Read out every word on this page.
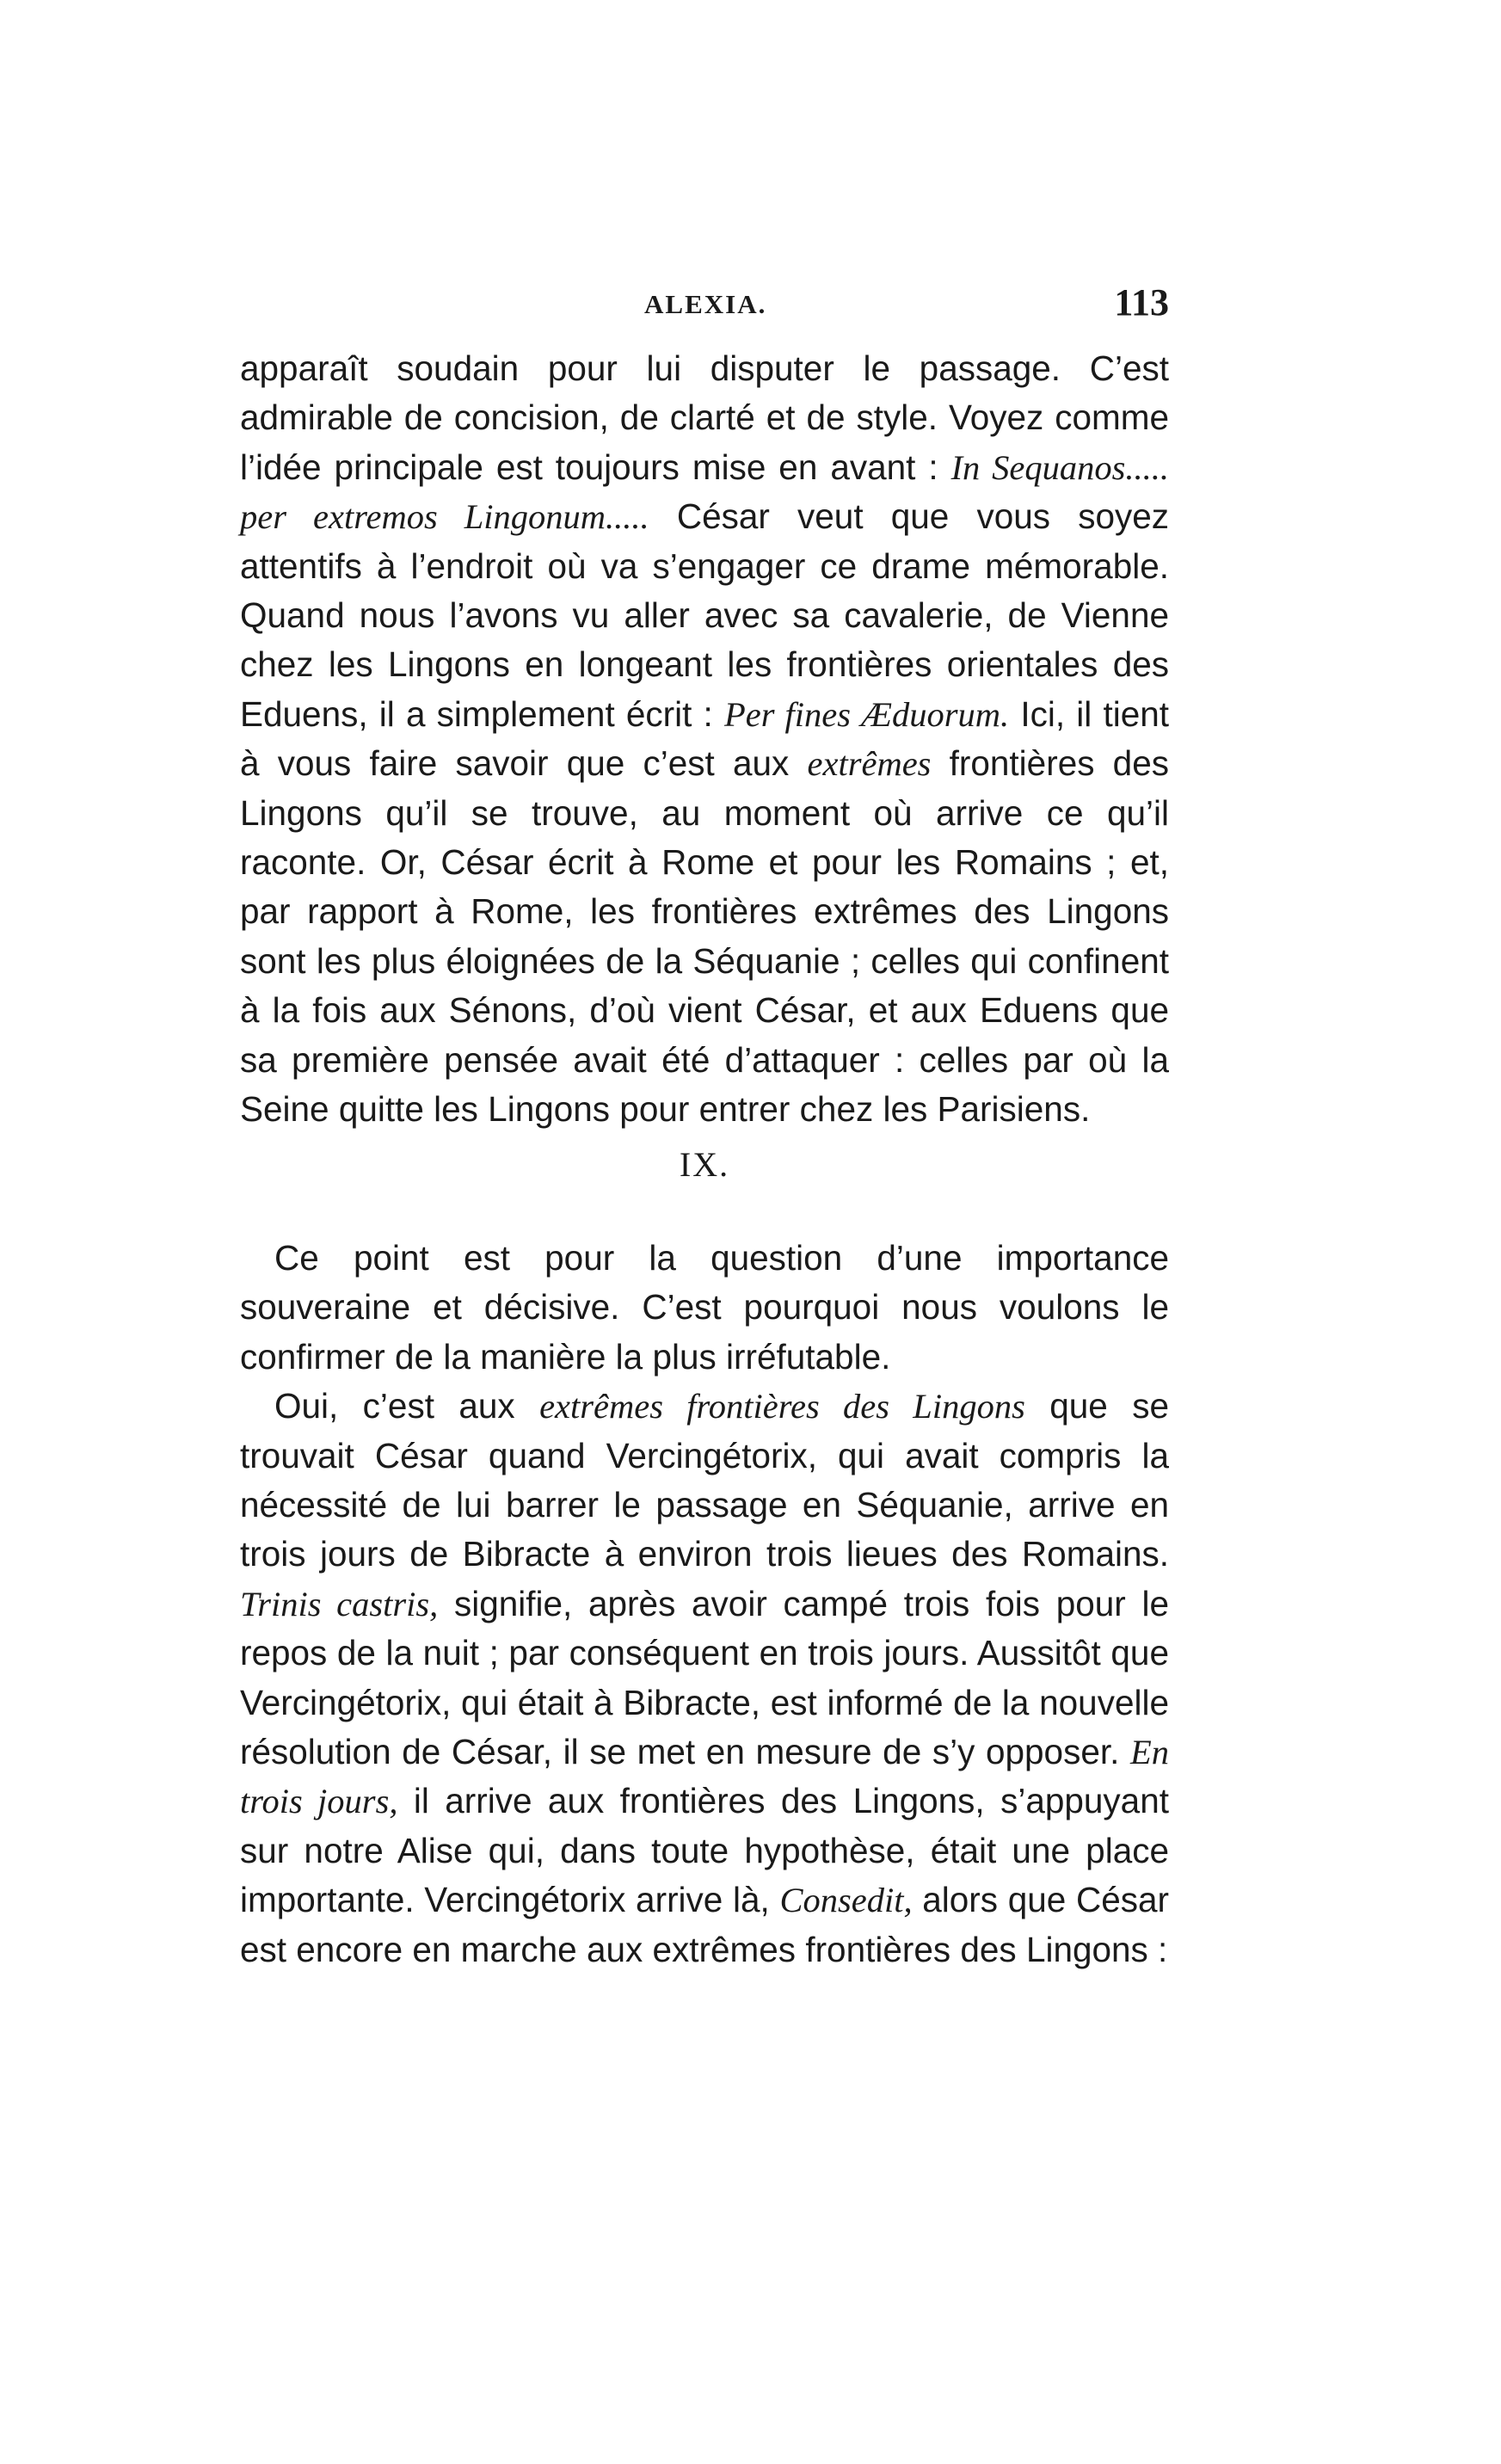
ALEXIA.	113

apparaît soudain pour lui disputer le passage. C’est admirable de concision, de clarté et de style. Voyez comme l’idée principale est toujours mise en avant : In Sequanos..... per extremos Lingonum..... César veut que vous soyez attentifs à l’endroit où va s’engager ce drame mémorable. Quand nous l’avons vu aller avec sa cavalerie, de Vienne chez les Lingons en longeant les frontières orientales des Eduens, il a simplement écrit : Per fines Æduorum. Ici, il tient à vous faire savoir que c’est aux extrêmes frontières des Lingons qu’il se trouve, au moment où arrive ce qu’il raconte. Or, César écrit à Rome et pour les Romains ; et, par rapport à Rome, les frontières extrêmes des Lingons sont les plus éloignées de la Séquanie ; celles qui confinent à la fois aux Sénons, d’où vient César, et aux Eduens que sa première pensée avait été d’attaquer : celles par où la Seine quitte les Lingons pour entrer chez les Parisiens.

IX.

Ce point est pour la question d’une importance souveraine et décisive. C’est pourquoi nous voulons le confirmer de la manière la plus irréfutable.

Oui, c’est aux extrêmes frontières des Lingons que se trouvait César quand Vercingétorix, qui avait compris la nécessité de lui barrer le passage en Séquanie, arrive en trois jours de Bibracte à environ trois lieues des Romains. Trinis castris, signifie, après avoir campé trois fois pour le repos de la nuit ; par conséquent en trois jours. Aussitôt que Vercingétorix, qui était à Bibracte, est informé de la nouvelle résolution de César, il se met en mesure de s’y opposer. En trois jours, il arrive aux frontières des Lingons, s’appuyant sur notre Alise qui, dans toute hypothèse, était une place importante. Vercingétorix arrive là, Consedit, alors que César est encore en marche aux extrêmes frontières des Lingons :
